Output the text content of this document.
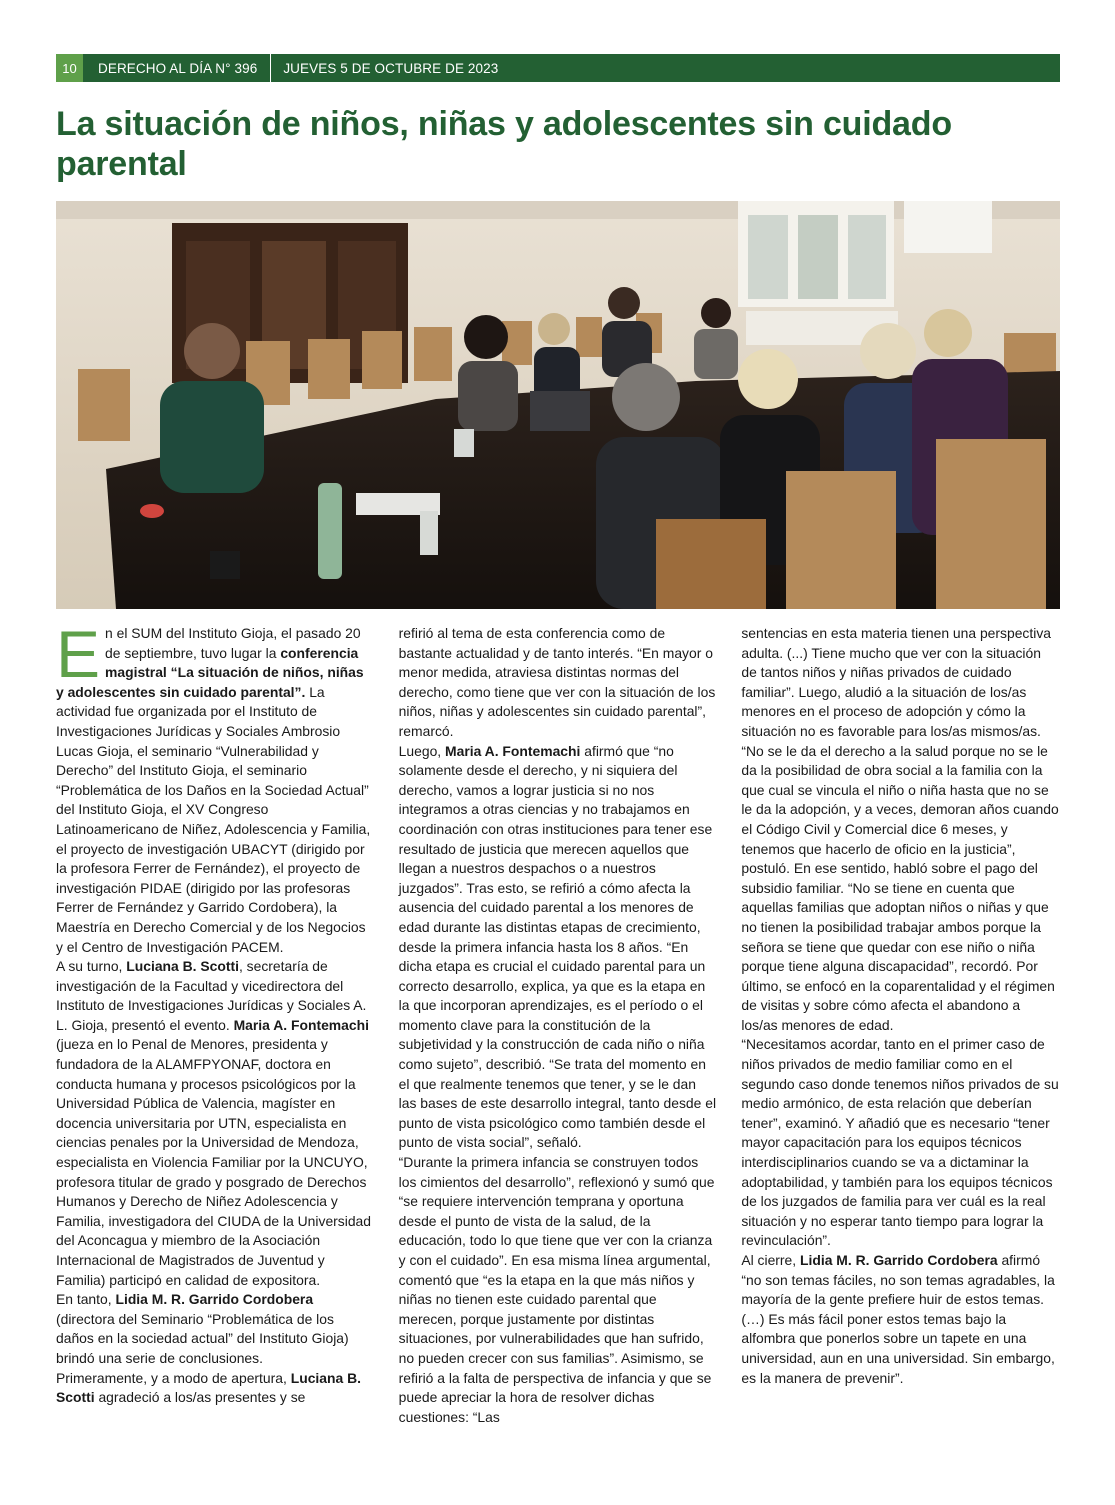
10	DERECHO AL DÍA N° 396	JUEVES 5 DE OCTUBRE DE 2023
La situación de niños, niñas y adolescentes sin cuidado parental

En el SUM del Instituto Gioja, el pasado 20 de septiembre, tuvo lugar la conferencia magistral “La situación de niños, niñas y adolescentes sin cuidado parental”. La actividad fue organizada por el Instituto de Investigaciones Jurídicas y Sociales Ambrosio Lucas Gioja, el seminario “Vulnerabilidad y Derecho” del Instituto Gioja, el seminario “Problemática de los Daños en la Sociedad Actual” del Instituto Gioja, el XV Congreso Latinoamericano de Niñez, Adolescencia y Familia, el proyecto de investigación UBACYT (dirigido por la profesora Ferrer de Fernández), el proyecto de investigación PIDAE (dirigido por las profesoras Ferrer de Fernández y Garrido Cordobera), la Maestría en Derecho Comercial y de los Negocios y el Centro de Investigación PACEM.

A su turno, Luciana B. Scotti, secretaría de investigación de la Facultad y vicedirectora del Instituto de Investigaciones Jurídicas y Sociales A. L. Gioja, presentó el evento. Maria A. Fontemachi (jueza en lo Penal de Menores, presidenta y fundadora de la ALAMFPYONAF, doctora en conducta humana y procesos psicológicos por la Universidad Pública de Valencia, magíster en docencia universitaria por UTN, especialista en ciencias penales por la Universidad de Mendoza, especialista en Violencia Familiar por la UNCUYO, profesora titular de grado y posgrado de Derechos Humanos y Derecho de Niñez Adolescencia y Familia, investigadora del CIUDA de la Universidad del Aconcagua y miembro de la Asociación Internacional de Magistrados de Juventud y Familia) participó en calidad de expositora.

En tanto, Lidia M. R. Garrido Cordobera (directora del Seminario “Problemática de los daños en la sociedad actual” del Instituto Gioja) brindó una serie de conclusiones.

Primeramente, y a modo de apertura, Luciana B. Scotti agradeció a los/as presentes y se

refirió al tema de esta conferencia como de bastante actualidad y de tanto interés. “En mayor o menor medida, atraviesa distintas normas del derecho, como tiene que ver con la situación de los niños, niñas y adolescentes sin cuidado parental”, remarcó.

Luego, Maria A. Fontemachi afirmó que “no solamente desde el derecho, y ni siquiera del derecho, vamos a lograr justicia si no nos integramos a otras ciencias y no trabajamos en coordinación con otras instituciones para tener ese resultado de justicia que merecen aquellos que llegan a nuestros despachos o a nuestros juzgados”. Tras esto, se refirió a cómo afecta la ausencia del cuidado parental a los menores de edad durante las distintas etapas de crecimiento, desde la primera infancia hasta los 8 años. “En dicha etapa es crucial el cuidado parental para un correcto desarrollo, explica, ya que es la etapa en la que incorporan aprendizajes, es el período o el momento clave para la constitución de la subjetividad y la construcción de cada niño o niña como sujeto”, describió. “Se trata del momento en el que realmente tenemos que tener, y se le dan las bases de este desarrollo integral, tanto desde el punto de vista psicológico como también desde el punto de vista social”, señaló.

“Durante la primera infancia se construyen todos los cimientos del desarrollo”, reflexionó y sumó que “se requiere intervención temprana y oportuna desde el punto de vista de la salud, de la educación, todo lo que tiene que ver con la crianza y con el cuidado”. En esa misma línea argumental, comentó que “es la etapa en la que más niños y niñas no tienen este cuidado parental que merecen, porque justamente por distintas situaciones, por vulnerabilidades que han sufrido, no pueden crecer con sus familias”. Asimismo, se refirió a la falta de perspectiva de infancia y que se puede apreciar la hora de resolver dichas cuestiones: “Las

sentencias en esta materia tienen una perspectiva adulta. (...) Tiene mucho que ver con la situación de tantos niños y niñas privados de cuidado familiar”. Luego, aludió a la situación de los/as menores en el proceso de adopción y cómo la situación no es favorable para los/as mismos/as. “No se le da el derecho a la salud porque no se le da la posibilidad de obra social a la familia con la que cual se vincula el niño o niña hasta que no se le da la adopción, y a veces, demoran años cuando el Código Civil y Comercial dice 6 meses, y tenemos que hacerlo de oficio en la justicia”, postuló. En ese sentido, habló sobre el pago del subsidio familiar. “No se tiene en cuenta que aquellas familias que adoptan niños o niñas y que no tienen la posibilidad trabajar ambos porque la señora se tiene que quedar con ese niño o niña porque tiene alguna discapacidad”, recordó. Por último, se enfocó en la coparentalidad y el régimen de visitas y sobre cómo afecta el abandono a los/as menores de edad.

“Necesitamos acordar, tanto en el primer caso de niños privados de medio familiar como en el segundo caso donde tenemos niños privados de su medio armónico, de esta relación que deberían tener”, examinó. Y añadió que es necesario “tener mayor capacitación para los equipos técnicos interdisciplinarios cuando se va a dictaminar la adoptabilidad, y también para los equipos técnicos de los juzgados de familia para ver cuál es la real situación y no esperar tanto tiempo para lograr la revinculación”.

Al cierre, Lidia M. R. Garrido Cordobera afirmó “no son temas fáciles, no son temas agradables, la mayoría de la gente prefiere huir de estos temas. (…) Es más fácil poner estos temas bajo la alfombra que ponerlos sobre un tapete en una universidad, aun en una universidad. Sin embargo, es la manera de prevenir”.
